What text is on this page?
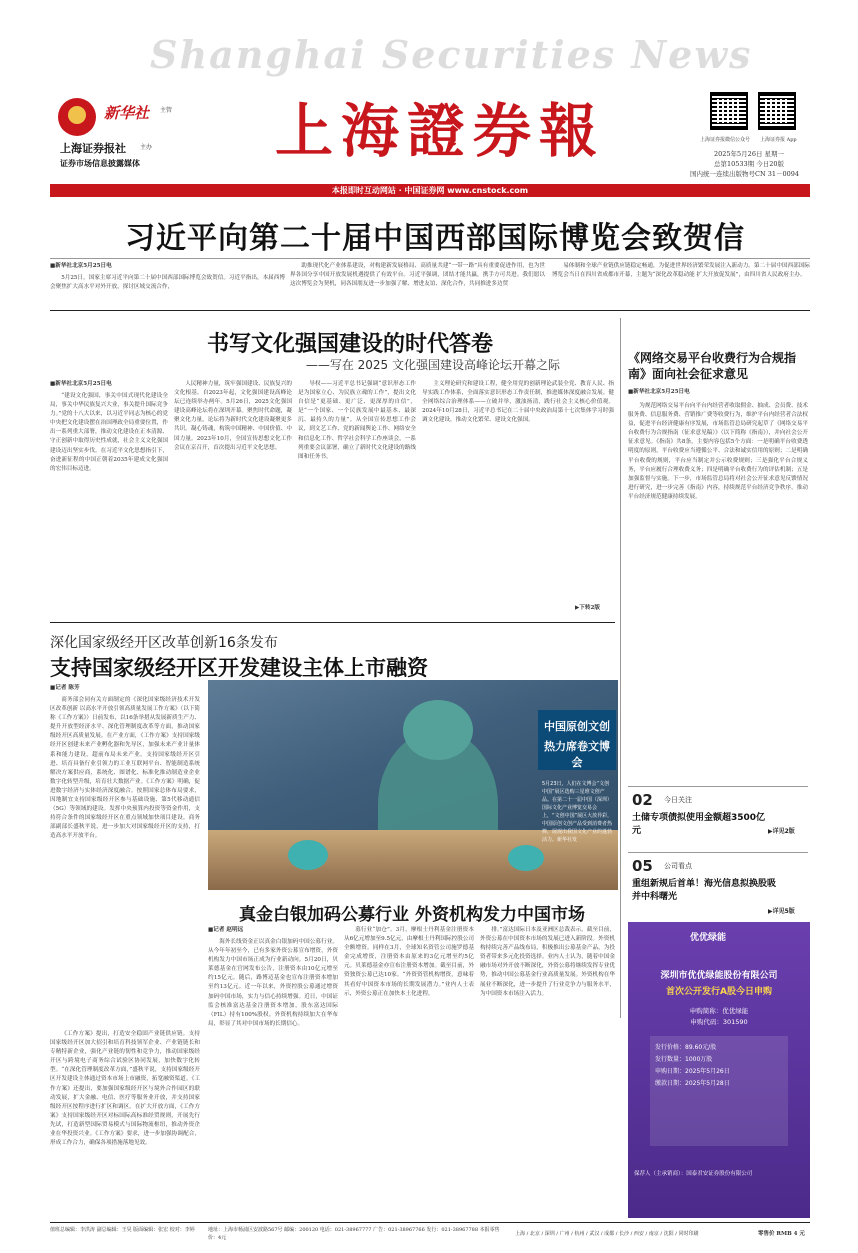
Shanghai Securities News
上海證券報
新华社 主管
上海证券报社 主办
证券市场信息披露媒体
上海证券报微信公众号 上海证券报 App
2025年5月26日 星期一
总第10533期 今日20版
国内统一连续出版物号CN 31－0094
本报即时互动网站 · 中国证券网 www.cnstock.com
习近平向第二十届中国西部国际博览会致贺信
■新华社北京5月25日电

5月25日，国家主席习近平向第二十届中国西部国际博览会致贺信。习近平指出，本届西博会聚焦扩大高水平对外开放，探讨区域交流合作，

助推现代化产业体系建设，对构建新发展格局、高质量共建“一带一路”具有重要促进作用，也为世界各国分享中国开放发展机遇提供了有效平台。习近平强调，团结才能共赢，携手方可共进。我们愿以这次博览会为契机，同各国朋友进一步加强了解、增进友谊、深化合作，共同推进多边贸

易体制和全球产业链供应链稳定畅通，为促进世界经济繁荣发展注入新动力。第二十届中国西部国际博览会当日在四川省成都市开幕，主题为“深化改革稳动能 扩大开放促发展”，由四川省人民政府主办。

书写文化强国建设的时代答卷
——写在 2025 文化强国建设高峰论坛开幕之际
■新华社北京5月25日电

“建设文化强国，事关中国式现代化建设全局，事关中华民族复兴大业，事关提升国际竞争力。”党的十八大以来，以习近平同志为核心的党中央把文化建设摆在治国理政全局重要位置，作出一系列重大部署，推动文化建设在正本清源、守正创新中取得历史性成就，社会主义文化强国建设迈出坚实步伐。在习近平文化思想指引下，奋进新征程的中国正朝着2035年建成文化强国的宏伟目标迈进。

人民精神力量，筑牢强国建设、民族复兴的文化根基。自2023年起，文化强国建设高峰论坛已连续举办两年。5月26日，2025文化强国建设高峰论坛将在深圳开幕。聚焦时代命题，凝聚文化力量，论坛将为新时代文化建设凝聚更多共识。凝心铸魂，构筑中国精神、中国价值、中国力量。2023年10月，全国宣传思想文化工作会议在京召开，首次提出习近平文化思想。

导权——习近平总书记强调“意识形态工作是为国家立心、为民族立魂的工作”，提出文化自信是“更基础、更广泛、更深厚的自信”，是“一个国家、一个民族发展中最基本、最深沉、最持久的力量”。从全国宣传思想工作会议，到文艺工作、党的新闻舆论工作、网络安全和信息化工作、哲学社会科学工作座谈会，一系列重要会议部署，确立了新时代文化建设的路线图和任务书。

主义理论研究和建设工程，健全用党的创新理论武装全党、教育人民、指导实践工作体系，全面落实意识形态工作责任制，推进媒体深度融合发展。健全网络综合治理体系——立破并举，激浊扬清，践行社会主义核心价值观。2024年10月28日，习近平总书记在二十届中央政治局第十七次集体学习时强调文化建设，推动文化繁荣、建设文化强国。

▶下转2版
《网络交易平台收费行为合规指南》面向社会征求意见
■新华社北京5月25日电

为规范网络交易平台向平台内经营者收取佣金、抽成、会员费、技术服务费、信息服务费、营销推广费等收费行为，维护平台内经营者合法权益，促进平台经济健康有序发展，市场监管总局研究起草了《网络交易平台收费行为合规指南（征求意见稿）》（以下简称《指南》），并向社会公开征求意见。《指南》共8条，主要内容包括5个方面：一是明确平台收费透明度的原则，平台收费应当遵循公平、合法和诚实信用的原则；二是明确平台收费的规则，平台应当制定并公示收费规则；三是强化平台合规义务，平台应履行合理收费义务；四是明确平台收费行为的评估机制；五是加强监督与实施。下一步，市场监管总局将对社会公开征求意见反馈情况进行研究，进一步完善《指南》内容，持续规范平台经济竞争秩序，推动平台经济规范健康持续发展。

02 今日关注
土储专项债拟使用金额超3500亿元	▶详见2版
05 公司看点
重组新规后首单！海光信息拟换股吸并中科曙光
▶详见5版
优优绿能
深圳市优优绿能股份有限公司
首次公开发行A股今日申购
申购简称：优优绿能
申购代码：301590
发行价格：89.60元/股
发行数量：1000万股
申购日期：2025年5月26日
缴款日期：2025年5月28日
保荐人（主承销商）：国泰君安证券股份有限公司
深化国家级经开区改革创新16条发布
支持国家级经开区开发建设主体上市融资
■记者 陈芳

商务部会同有关方面制定的《深化国家级经济技术开发区改革创新 以高水平开放引领高质量发展工作方案》（以下简称《工作方案》）日前发布，以16条举措从发展新质生产力、提升开放型经济水平、深化管理制度改革等方面，推动国家级经开区高质量发展。在产业方面，《工作方案》支持国家级经开区创建未来产业孵化器和先导区，加强未来产业计量体系和能力建设，超前布局未来产业。支持国家级经开区引进、培育具备行业引领力的工业互联网平台、智能制造系统解决方案供应商，系统化、图谱化、标准化推动制造业企业数字化转型升级，培育壮大数据产业。《工作方案》明确，促进数字经济与实体经济深度融合。按照国家总体布局要求，因地制宜支持国家级经开区参与基础设施、第5代移动通信（5G）等领域的建设。发挥中央预算内投资等资金作用，支持符合条件的国家级经开区在重点领域加快项目建设。商务部副部长盛秋平说，进一步加大对国家级经开区的支持，打造高水平开放平台。

《工作方案》提出，打造安全稳固产业链供应链。支持国家级经开区加大招引和培育科技领军企业、产业链链长和专精特新企业，强化产业链的韧性和竞争力，推动国家级经开区与跨境电子商务综合试验区协同发展，加快数字化转型。“在深化管理制度改革方面，”盛秋平说，支持国家级经开区开发建设主体通过资本市场上市融资，拓宽融资渠道。《工作方案》还提出，要加强国家级经开区与境外合作园区的联动发展，扩大金融、电信、医疗等服务业开放，并支持国家级经开区按程序进行扩区和调区。在扩大开放方面，《工作方案》支持国家级经开区对标国际高标准经贸规则，开展先行先试，打造新型国际贸易模式与国际物流枢纽，推动外资企业在华投资兴业。《工作方案》要求，进一步加强协调配合，形成工作合力，确保各项措施落地见效。

中国原创文创
热力席卷文博会
5月23日，人们在文博会“文创中国”展区选购三星堆文创产品。在第二十一届中国（深圳）国际文化产业博览交易会上，“文创中国”展区大放异彩，中国原创文创产品受到消费者热捧，展现出我国文化产业的蓬勃活力。新华社发
真金白银加码公募行业 外资机构发力中国市场
■记者 赵明远

海外长线资金正以真金白银加码中国公募行业。从今年年初至今，已有多家外资公募宣布增资，外资机构发力中国市场正成为行业新动向。5月20日，贝莱德基金在官网发布公告，注册资本由10亿元增至约15亿元。随后，路博迈基金也宣布注册资本增加至约13亿元。近一年以来，外资控股公募通过增资加码中国市场，实力与信心持续增强。近日，中国证监会核准富达基金注册资本增加，股东富达国际（FIL）持有100%股权。外资机构持续加大在华布局，彰显了其对中国市场的长期信心。

募行业“加仓”。3月，摩根士丹利基金注册资本从6亿元增加至9.5亿元，由摩根士丹利国际控股公司全额增资。同样在3月，全球知名资管公司施罗德基金完成增资，注册资本由原来的3亿元增至约5亿元。贝莱德基金亦宣布注册资本增加。截至目前，外资独资公募已达10家。“外资资管机构增资，意味着其看好中国资本市场的长期发展潜力。”业内人士表示，外资公募正在加快本土化进程。

排。”富达国际日本及亚洲区总裁表示。截至目前，外资公募在中国资本市场的发展已进入新阶段。外资机构持续完善产品线布局，积极推出公募基金产品，为投资者带来多元化投资选择。业内人士认为，随着中国金融市场对外开放不断深化，外资公募将继续发挥专业优势，推动中国公募基金行业高质量发展。外资机构在华展业不断深化，进一步提升了行业竞争力与服务水平，为中国资本市场注入活力。

值班总编辑：李洪涛 副总编辑：王昊 版面编辑：张宏 校对：李婷	地址：上海市杨浦区安波路567号 邮编：200120 电话：021-38967777 广告：021-38967766 发行：021-38967788 本报零售价：4元
上海 / 北京 / 深圳 / 广州 / 杭州 / 武汉 / 成都 / 长沙 / 西安 / 南京 / 沈阳 / 同时印刷	零售价 RMB 4 元
